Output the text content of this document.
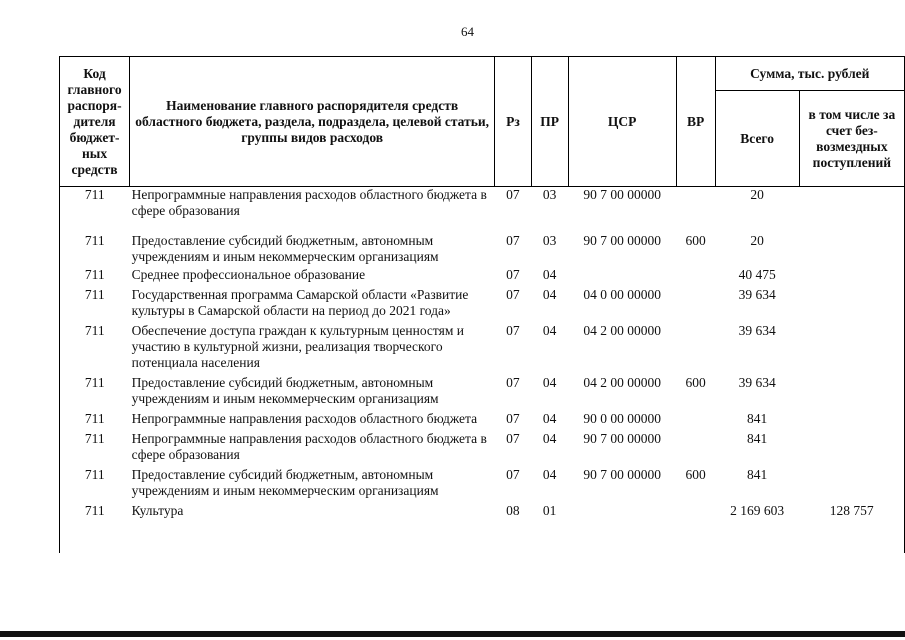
64
Код главного распоря-дителя бюджет-ных средств	Наименование главного распорядителя средств областного бюджета, раздела, подраздела, целевой статьи, группы видов расходов	Рз	ПР	ЦСР	ВР	Сумма, тыс. рублей	
						Всего	в том числе за счет без-возмездных поступлений
711	Непрограммные направления расходов областного бюджета в сфере образования	07	03	90 7 00 00000		20	
711	Предоставление субсидий бюджетным, автономным учреждениям и иным некоммерческим организациям	07	03	90 7 00 00000	600	20	
711	Среднее профессиональное образование	07	04			40 475	
711	Государственная программа Самарской области «Развитие культуры в Самарской области на период до 2021 года»	07	04	04 0 00 00000		39 634	
711	Обеспечение доступа граждан к культурным ценностям и участию в культурной жизни, реализация творческого потенциала населения	07	04	04 2 00 00000		39 634	
711	Предоставление субсидий бюджетным, автономным учреждениям и иным некоммерческим организациям	07	04	04 2 00 00000	600	39 634	
711	Непрограммные направления расходов областного бюджета	07	04	90 0 00 00000		841	
711	Непрограммные направления расходов областного бюджета в сфере образования	07	04	90 7 00 00000		841	
711	Предоставление субсидий бюджетным, автономным учреждениям и иным некоммерческим организациям	07	04	90 7 00 00000	600	841	
711	Культура	08	01			2 169 603	128 757
